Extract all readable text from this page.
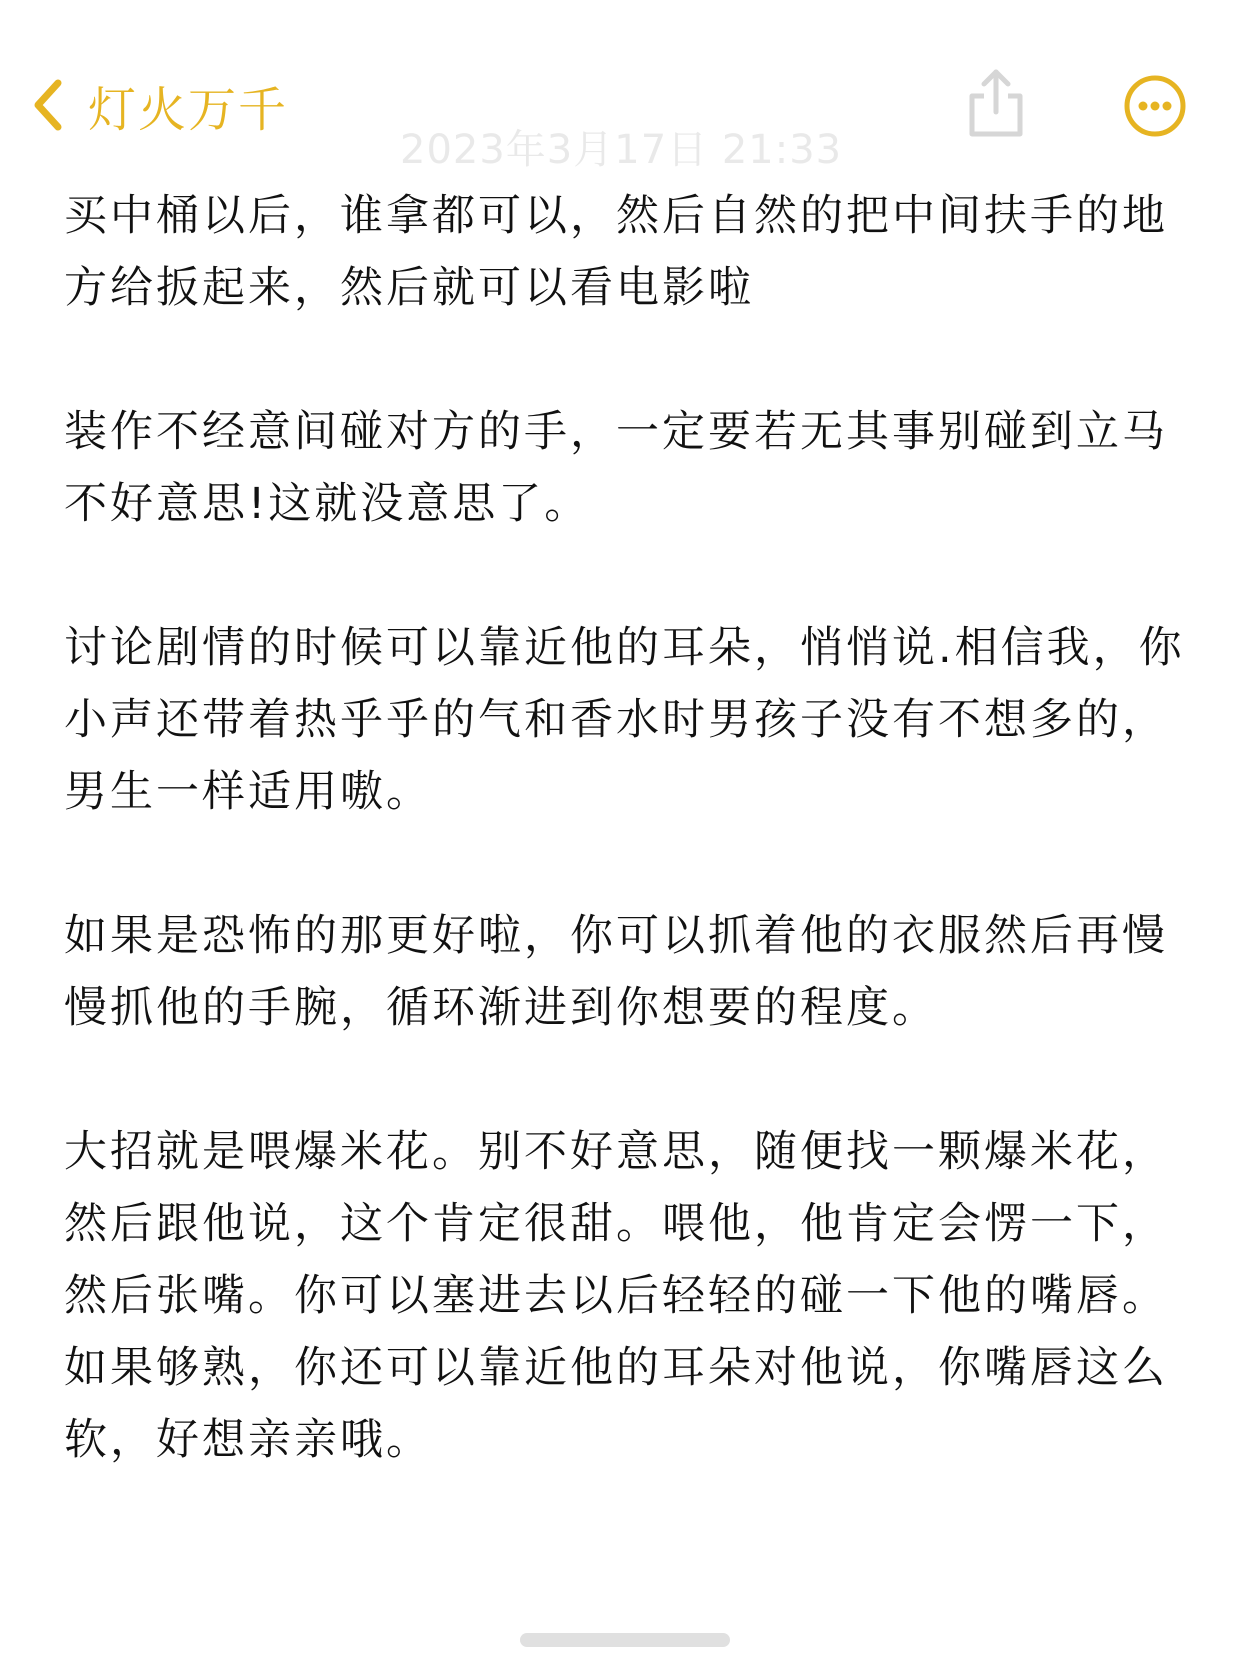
灯火万千
2023年3月17日 21:33

买中桶以后，谁拿都可以，然后自然的把中间扶手的地方给扳起来，然后就可以看电影啦

装作不经意间碰对方的手，一定要若无其事别碰到立马 不好意思!这就没意思了。

讨论剧情的时候可以靠近他的耳朵，悄悄说.相信我，你小声还带着热乎乎的气和香水时男孩子没有不想多的，男生一样适用嗷。

如果是恐怖的那更好啦，你可以抓着他的衣服然后再慢慢抓他的手腕，循环渐进到你想要的程度。

大招就是喂爆米花。别不好意思，随便找一颗爆米花，然后跟他说，这个肯定很甜。喂他，他肯定会愣一下，然后张嘴。你可以塞进去以后轻轻的碰一下他的嘴唇。如果够熟，你还可以靠近他的耳朵对他说，你嘴唇这么软，好想亲亲哦。
